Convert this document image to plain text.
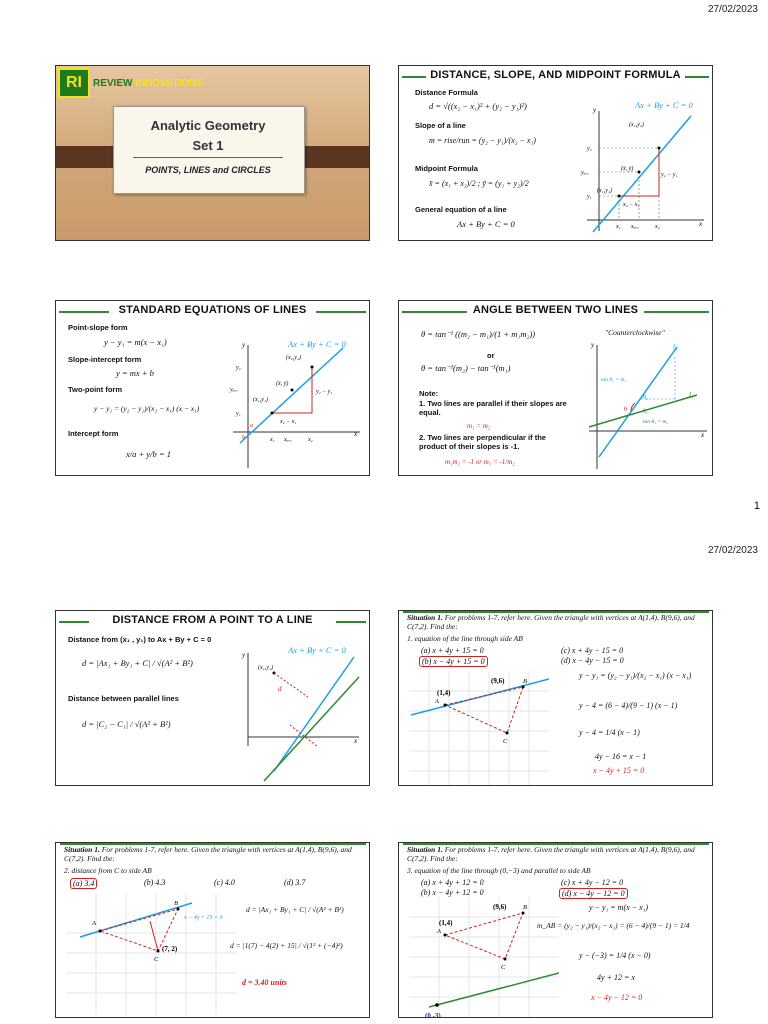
27/02/2023
1
27/02/2023
RI	REVIEW INNOVATIONS
Analytic Geometry
Set 1
POINTS, LINES and CIRCLES
DISTANCE, SLOPE, AND MIDPOINT FORMULA
Distance Formula
d = √((x₂ − x₁)² + (y₂ − y₁)²)
Slope of a line
m = rise/run = (y₂ − y₁)/(x₂ − x₁)
Midpoint Formula
x̄ = (x₁ + x₂)/2 ; ȳ = (y₁ + y₂)/2
General equation of a line
Ax + By + C = 0
Ax + By + C = 0
y
x
(x₁,y₁)
(x̄, ȳ)
(x₂,y₂)
y₂ − y₁
x₂ − x₁
y₂
yₐᵥₑ
y₁
x₁ xₐᵥₑ	x₂
STANDARD EQUATIONS OF LINES
Point-slope form
y − y₁ = m(x − x₁)
Slope-intercept form
y = mx + b
Two-point form
y − y₁ = (y₂ − y₁)/(x₂ − x₁) (x − x₁)
Intercept form
x/a + y/b = 1
Ax + By + C = 0
y
x
(x₁,y₁)
(x̄, ȳ)
(x₂,y₂)
y₂ − y₁
x₂ − x₁
y₂
yₐᵥₑ
y₁
a
b	x₁ xₐᵥₑ	x₂
ANGLE BETWEEN TWO LINES
θ = tan⁻¹ ((m₂ − m₁)/(1 + m₁m₂))
or
θ = tan⁻¹(m₂) − tan⁻¹(m₁)
"Counterclockwise"
Note:
1. Two lines are parallel if their slopes are equal.
m₁ = m₂
2. Two lines are perpendicular if the product of their slopes is -1.
m₁m₂ = -1 or m₁ = -1/m₂
y
x
l₂
l₁
θ
tan θ₂ = m₂
tan θ₁ = m₁
θ₂
θ₁
DISTANCE FROM A POINT TO A LINE
Distance from (x₁ , y₁) to Ax + By + C = 0
d = |Ax₁ + By₁ + C| / √(A² + B²)
Distance between parallel lines
d = |C₂ − C₁| / √(A² + B²)
Ax + By + C = 0
y
x
(x₁,y₁)
d
Situation 1. For problems 1-7, refer here. Given the triangle with vertices at A(1,4), B(9,6), and C(7,2). Find the:
1. equation of the line through side AB
(a) x + 4y + 15 = 0
(b) x − 4y + 15 = 0
(c) x + 4y − 15 = 0
(d) x − 4y − 15 = 0
y − y₁ = (y₂ − y₁)/(x₂ − x₁) (x − x₁)
y − 4 = (6 − 4)/(9 − 1) (x − 1)
y − 4 = 1/4 (x − 1)
4y − 16 = x − 1
x − 4y + 15 = 0
A
B
C
(1,4)
(9,6)
Situation 1. For problems 1-7, refer here. Given the triangle with vertices at A(1,4), B(9,6), and C(7,2). Find the:
2. distance from C to side AB
(a) 3.4	(b) 4.3	(c) 4.0	(d) 3.7
d = |Ax₁ + By₁ + C| / √(A² + B²)
d = |1(7) − 4(2) + 15| / √(1² + (−4)²)
d = 3.40 units
A
B
C
(7, 2)
x − 4y + 15 = 0
Situation 1. For problems 1-7, refer here. Given the triangle with vertices at A(1,4), B(9,6), and C(7,2). Find the:
3. equation of the line through (0,−3) and parallel to side AB
(a) x + 4y + 12 = 0
(b) x − 4y + 12 = 0
(c) x + 4y − 12 = 0
(d) x − 4y − 12 = 0
y − y₁ = m(x − x₁)
m_AB = (y₂ − y₁)/(x₂ − x₁) = (6 − 4)/(9 − 1) = 1/4
y − (−3) = 1/4 (x − 0)
4y + 12 = x
x − 4y − 12 = 0
A
B
C
(1,4)
(9,6)
(0,-3)
